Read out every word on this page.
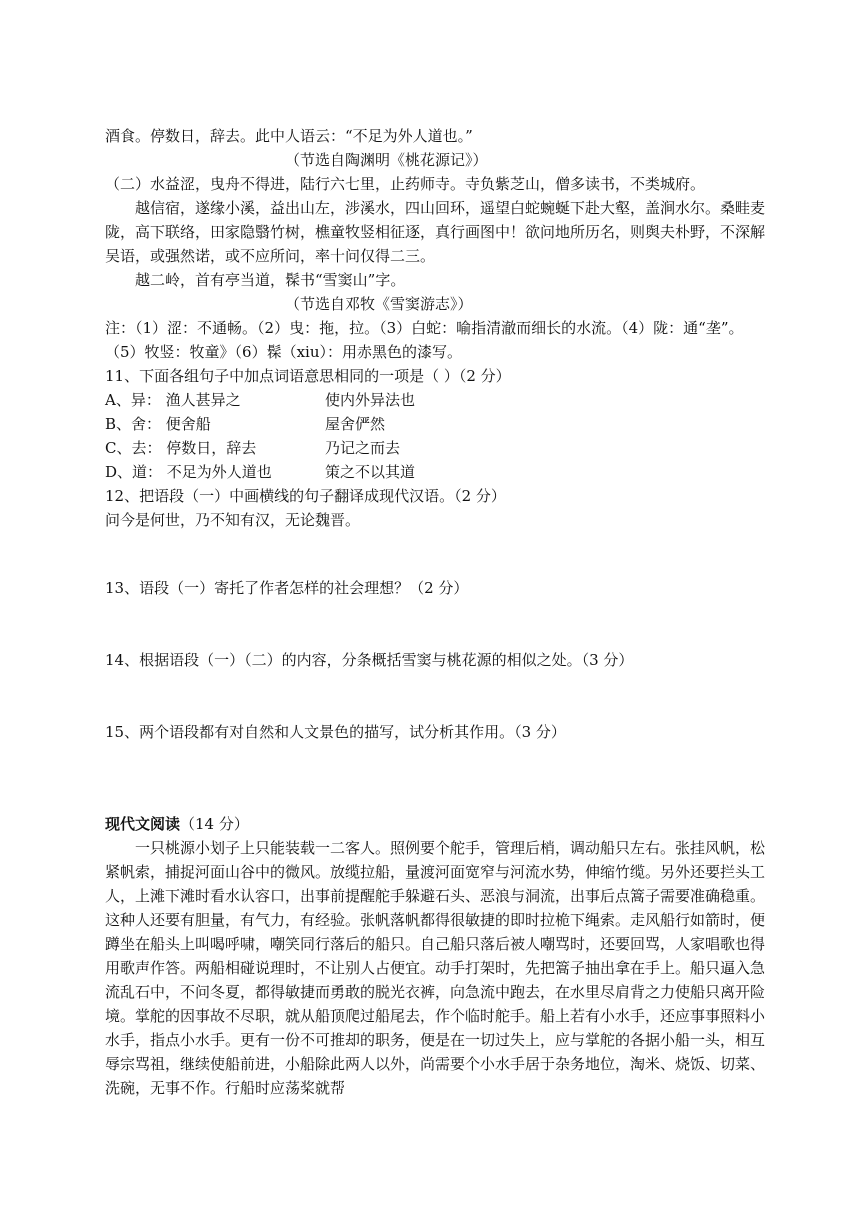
酒食。停数日，辞去。此中人语云：“不足为外人道也。”

（节选自陶渊明《桃花源记》）

（二）水益涩，曳舟不得进，陆行六七里，止药师寺。寺负紫芝山，僧多读书，不类城府。

越信宿，遂缘小溪，益出山左，涉溪水，四山回环，遥望白蛇蜿蜒下赴大壑，盖涧水尔。桑畦麦陇，高下联络，田家隐翳竹树，樵童牧竖相征逐，真行画图中！欲问地所历名，则舆夫朴野，不深解吴语，或强然诺，或不应所问，率十问仅得二三。

越二岭，首有亭当道，髹书“雪窦山”字。

（节选自邓牧《雪窦游志》）

注：（1）涩：不通畅。（2）曳：拖，拉。（3）白蛇：喻指清澈而细长的水流。（4）陇：通“垄”。（5）牧竖：牧童》（6）髹（xiu）：用赤黑色的漆写。

11、下面各组句子中加点词语意思相同的一项是（ ）（2 分）

A、异： 渔人甚异之	使内外异法也
B、舍： 便舍船	屋舍俨然
C、去： 停数日，辞去	乃记之而去
D、道： 不足为外人道也	策之不以其道

12、把语段（一）中画横线的句子翻译成现代汉语。（2 分）

问今是何世，乃不知有汉，无论魏晋。

13、语段（一）寄托了作者怎样的社会理想？（2 分）

14、根据语段（一）（二）的内容，分条概括雪窦与桃花源的相似之处。（3 分）

15、两个语段都有对自然和人文景色的描写，试分析其作用。（3 分）

现代文阅读（14 分）

一只桃源小划子上只能装载一二客人。照例要个舵手，管理后梢，调动船只左右。张挂风帆，松紧帆索，捕捉河面山谷中的微风。放缆拉船，量渡河面宽窄与河流水势，伸缩竹缆。另外还要拦头工人，上滩下滩时看水认容口，出事前提醒舵手躲避石头、恶浪与洞流，出事后点篙子需要准确稳重。这种人还要有胆量，有气力，有经验。张帆落帆都得很敏捷的即时拉桅下绳索。走风船行如箭时，便蹲坐在船头上叫喝呼啸，嘲笑同行落后的船只。自己船只落后被人嘲骂时，还要回骂，人家唱歌也得用歌声作答。两船相碰说理时，不让别人占便宜。动手打架时，先把篙子抽出拿在手上。船只逼入急流乱石中，不问冬夏，都得敏捷而勇敢的脱光衣裤，向急流中跑去，在水里尽肩背之力使船只离开险境。掌舵的因事故不尽职，就从船顶爬过船尾去，作个临时舵手。船上若有小水手，还应事事照料小水手，指点小水手。更有一份不可推却的职务，便是在一切过失上，应与掌舵的各据小船一头，相互辱宗骂祖，继续使船前进，小船除此两人以外，尚需要个小水手居于杂务地位，淘米、烧饭、切菜、洗碗，无事不作。行船时应荡桨就帮
